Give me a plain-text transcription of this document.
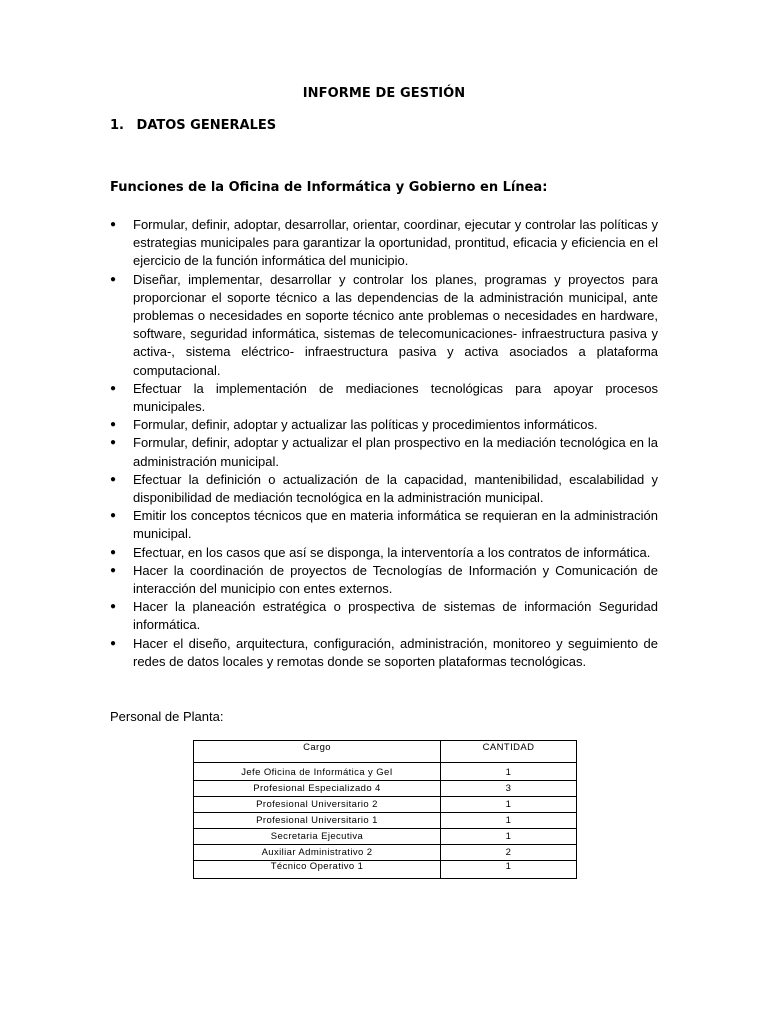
INFORME DE GESTIÓN
1. DATOS GENERALES
Funciones de la Oficina de Informática y Gobierno en Línea:
● Formular, definir, adoptar, desarrollar, orientar, coordinar, ejecutar y controlar las políticas y estrategias municipales para garantizar la oportunidad, prontitud, eficacia y eficiencia en el ejercicio de la función informática del municipio.
● Diseñar, implementar, desarrollar y controlar los planes, programas y proyectos para proporcionar el soporte técnico a las dependencias de la administración municipal, ante problemas o necesidades en soporte técnico ante problemas o necesidades en hardware, software, seguridad informática, sistemas de telecomunicaciones- infraestructura pasiva y activa-, sistema eléctrico- infraestructura pasiva y activa asociados a plataforma computacional.
● Efectuar la implementación de mediaciones tecnológicas para apoyar procesos municipales.
● Formular, definir, adoptar y actualizar las políticas y procedimientos informáticos.
● Formular, definir, adoptar y actualizar el plan prospectivo en la mediación tecnológica en la administración municipal.
● Efectuar la definición o actualización de la capacidad, mantenibilidad, escalabilidad y disponibilidad de mediación tecnológica en la administración municipal.
● Emitir los conceptos técnicos que en materia informática se requieran en la administración municipal.
● Efectuar, en los casos que así se disponga, la interventoría a los contratos de informática.
● Hacer la coordinación de proyectos de Tecnologías de Información y Comunicación de interacción del municipio con entes externos.
● Hacer la planeación estratégica o prospectiva de sistemas de información Seguridad informática.
● Hacer el diseño, arquitectura, configuración, administración, monitoreo y seguimiento de redes de datos locales y remotas donde se soporten plataformas tecnológicas.
Personal de Planta:
Cargo	CANTIDAD
Jefe Oficina de Informática y GeI	1
Profesional Especializado 4	3
Profesional Universitario 2	1
Profesional Universitario 1	1
Secretaria Ejecutiva	1
Auxiliar Administrativo 2	2
Técnico Operativo 1	1
